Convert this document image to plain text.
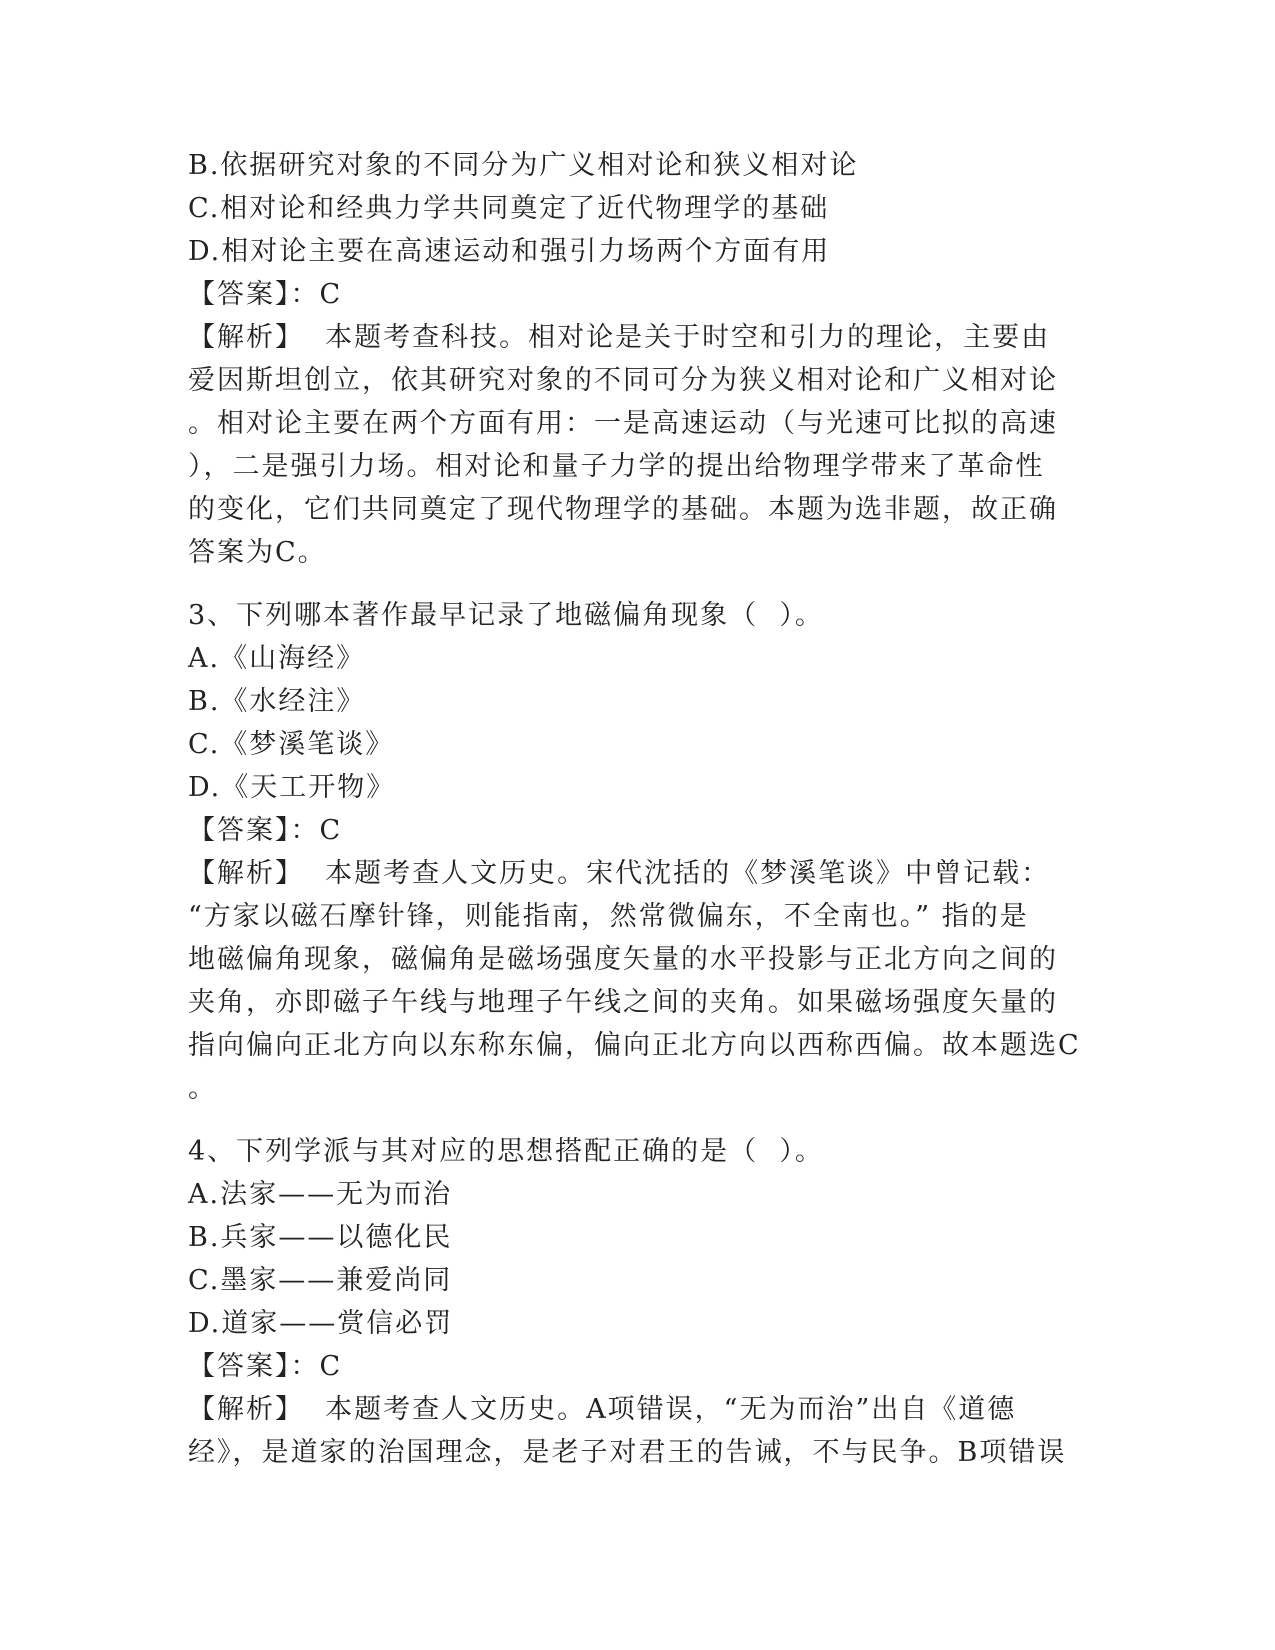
B.依据研究对象的不同分为广义相对论和狭义相对论
C.相对论和经典力学共同奠定了近代物理学的基础
D.相对论主要在高速运动和强引力场两个方面有用
【答案】：C
【解析】  本题考查科技。相对论是关于时空和引力的理论，主要由
爱因斯坦创立，依其研究对象的不同可分为狭义相对论和广义相对论
。相对论主要在两个方面有用：一是高速运动（与光速可比拟的高速
），二是强引力场。相对论和量子力学的提出给物理学带来了革命性
的变化，它们共同奠定了现代物理学的基础。本题为选非题，故正确
答案为C。
3、下列哪本著作最早记录了地磁偏角现象（  ）。
A.《山海经》
B.《水经注》
C.《梦溪笔谈》
D.《天工开物》
【答案】：C
【解析】  本题考查人文历史。宋代沈括的《梦溪笔谈》中曾记载：
“方家以磁石摩针锋，则能指南，然常微偏东，不全南也。” 指的是
地磁偏角现象，磁偏角是磁场强度矢量的水平投影与正北方向之间的
夹角，亦即磁子午线与地理子午线之间的夹角。如果磁场强度矢量的
指向偏向正北方向以东称东偏，偏向正北方向以西称西偏。故本题选C
。
4、下列学派与其对应的思想搭配正确的是（  ）。
A.法家——无为而治
B.兵家——以德化民
C.墨家——兼爱尚同
D.道家——赏信必罚
【答案】：C
【解析】  本题考查人文历史。A项错误，“无为而治”出自《道德
经》，是道家的治国理念，是老子对君王的告诫，不与民争。B项错误
